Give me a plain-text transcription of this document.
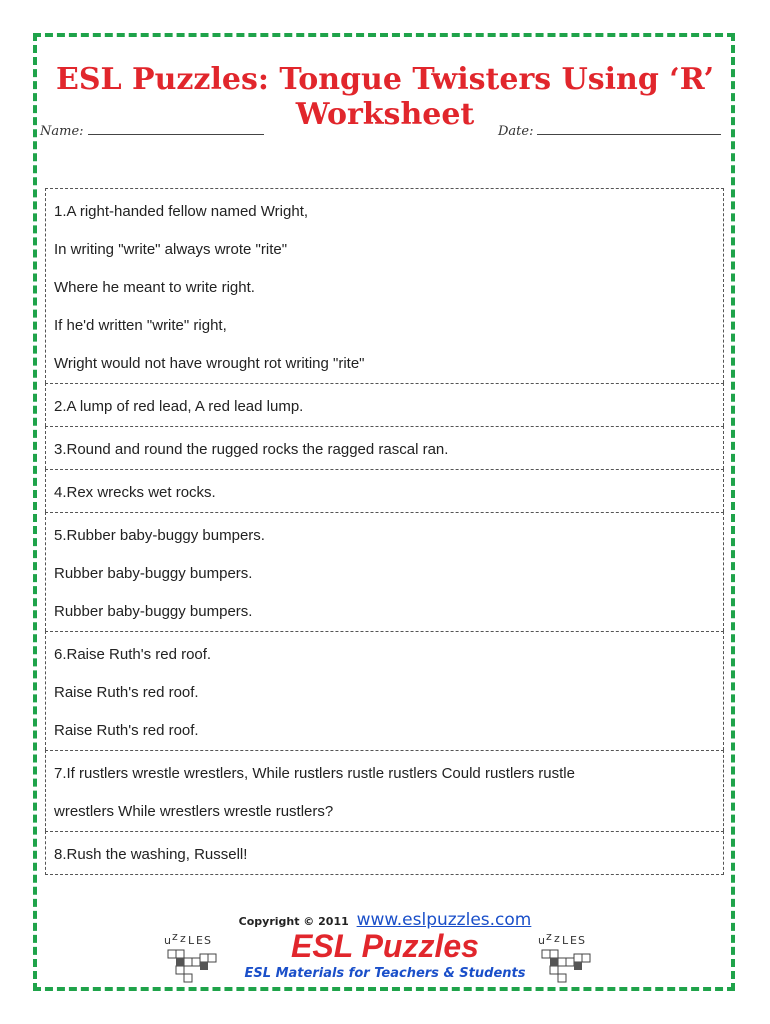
ESL Puzzles: Tongue Twisters Using ‘R’ Worksheet
Name:	Date:
1.A right-handed fellow named Wright,
In writing "write" always wrote "rite"
Where he meant to write right.
If he'd written "write" right,
Wright would not have wrought rot writing "rite"
2.A lump of red lead, A red lead lump.
3.Round and round the rugged rocks the ragged rascal ran.
4.Rex wrecks wet rocks.
5.Rubber baby-buggy bumpers.
Rubber baby-buggy bumpers.
Rubber baby-buggy bumpers.
6.Raise Ruth's red roof.
Raise Ruth's red roof.
Raise Ruth's red roof.
7.If rustlers wrestle wrestlers, While rustlers rustle rustlers Could rustlers rustle
wrestlers While wrestlers wrestle rustlers?
8.Rush the washing, Russell!
Copyright © 2011 www.eslpuzzles.com
u z z L E S	u z z L E S
ESL Puzzles
ESL Materials for Teachers & Students
